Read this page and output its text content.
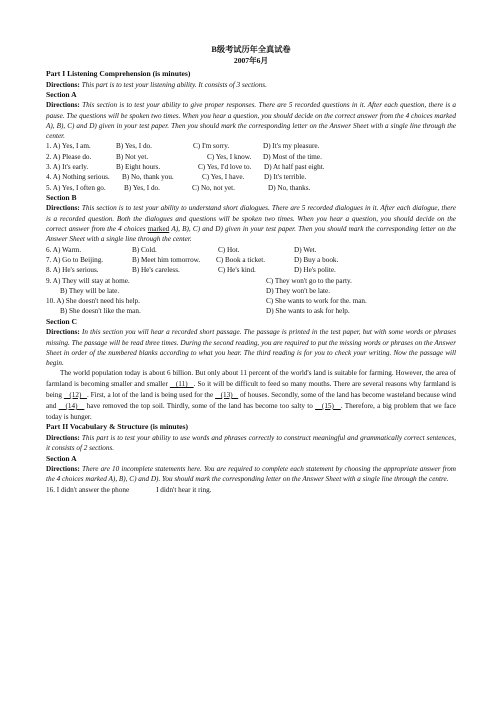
B级考试历年全真试卷
2007年6月
Part I Listening Comprehension (is minutes)
Directions: This part is to test your listening ability. It consists of 3 sections.
Section A
Directions: This section is to test your ability to give proper responses. There are 5 recorded questions in it. After each question, there is a pause. The questions will be spoken two times. When you hear a question, you should decide on the correct answer from the 4 choices marked A), B), C) and D) given in your test paper. Then you should mark the corresponding letter on the Answer Sheet with a single line through the center.
1. A) Yes, I am.	B) Yes, I do.	C) I'm sorry.	D) It's my pleasure.
2. A) Please do.	B) Not yet.	C) Yes, I know.	D) Most of the time.
3. A) It's early.	B) Eight hours.	C) Yes, I'd love to.	D) At half past eight.
4. A) Nothing serious.	B) No, thank you.	C) Yes, I have.	D) It's terrible.
5. A) Yes, I often go.	B) Yes, I do.	C) No, not yet.	D) No, thanks.
Section B
Directions: This section is to test your ability to understand short dialogues. There are 5 recorded dialogues in it. After each dialogue, there is a recorded question. Both the dialogues and questions will be spoken two times. When you hear a question, you should decide on the correct answer from the 4 choices marked A), B), C) and D) given in your test paper. Then you should mark the corresponding letter on the Answer Sheet with a single line through the center.
6. A) Warm.	B) Cold.	C) Hot.	D) Wet.
7. A) Go to Beijing.	B) Meet him tomorrow.	C) Book a ticket.	D) Buy a book.
8. A) He's serious.	B) He's careless.	C) He's kind.	D) He's polite.
9. A) They will stay at home.	C) They won't go to the party.
B) They will be late.	D) They won't be late.
10. A) She doesn't need his help.	C) She wants to work for the. man.
B) She doesn't like the man.	D) She wants to ask for help.
Section C
Directions: In this section you will hear a recorded short passage. The passage is printed in the test paper, but with some words or phrases missing. The passage will be read three times. During the second reading, you are required to put the missing words or phrases on the Answer Sheet in order of the numbered blanks according to what you hear. The third reading is for you to check your writing. Now the passage will begin.
The world population today is about 6 billion. But only about 11 percent of the world's land is suitable for farming. However, the area of farmland is becoming smaller and smaller    (11)   . So it will be difficult to feed so many mouths. There are several reasons why farmland is being    (12)   . First, a lot of the land is being used for the    (13)    of houses. Secondly, some of the land has become wasteland because wind and    (14)    have removed the top soil. Thirdly, some of the land has become too salty to    (15)   . Therefore, a big problem that we face today is hunger.
Part II Vocabulary & Structure (is minutes)
Directions: This part is to test your ability to use words and phrases correctly to construct meaningful and grammatically correct sentences, it consists of 2 sections.
Section A
Directions: There are 10 incomplete statements here. You are required to complete each statement by choosing the appropriate answer from the 4 choices marked A), B), C) and D). You should mark the corresponding letter on the Answer Sheet with a single line through the centre.
16. I didn't answer the phone               I didn't hear it ring.
